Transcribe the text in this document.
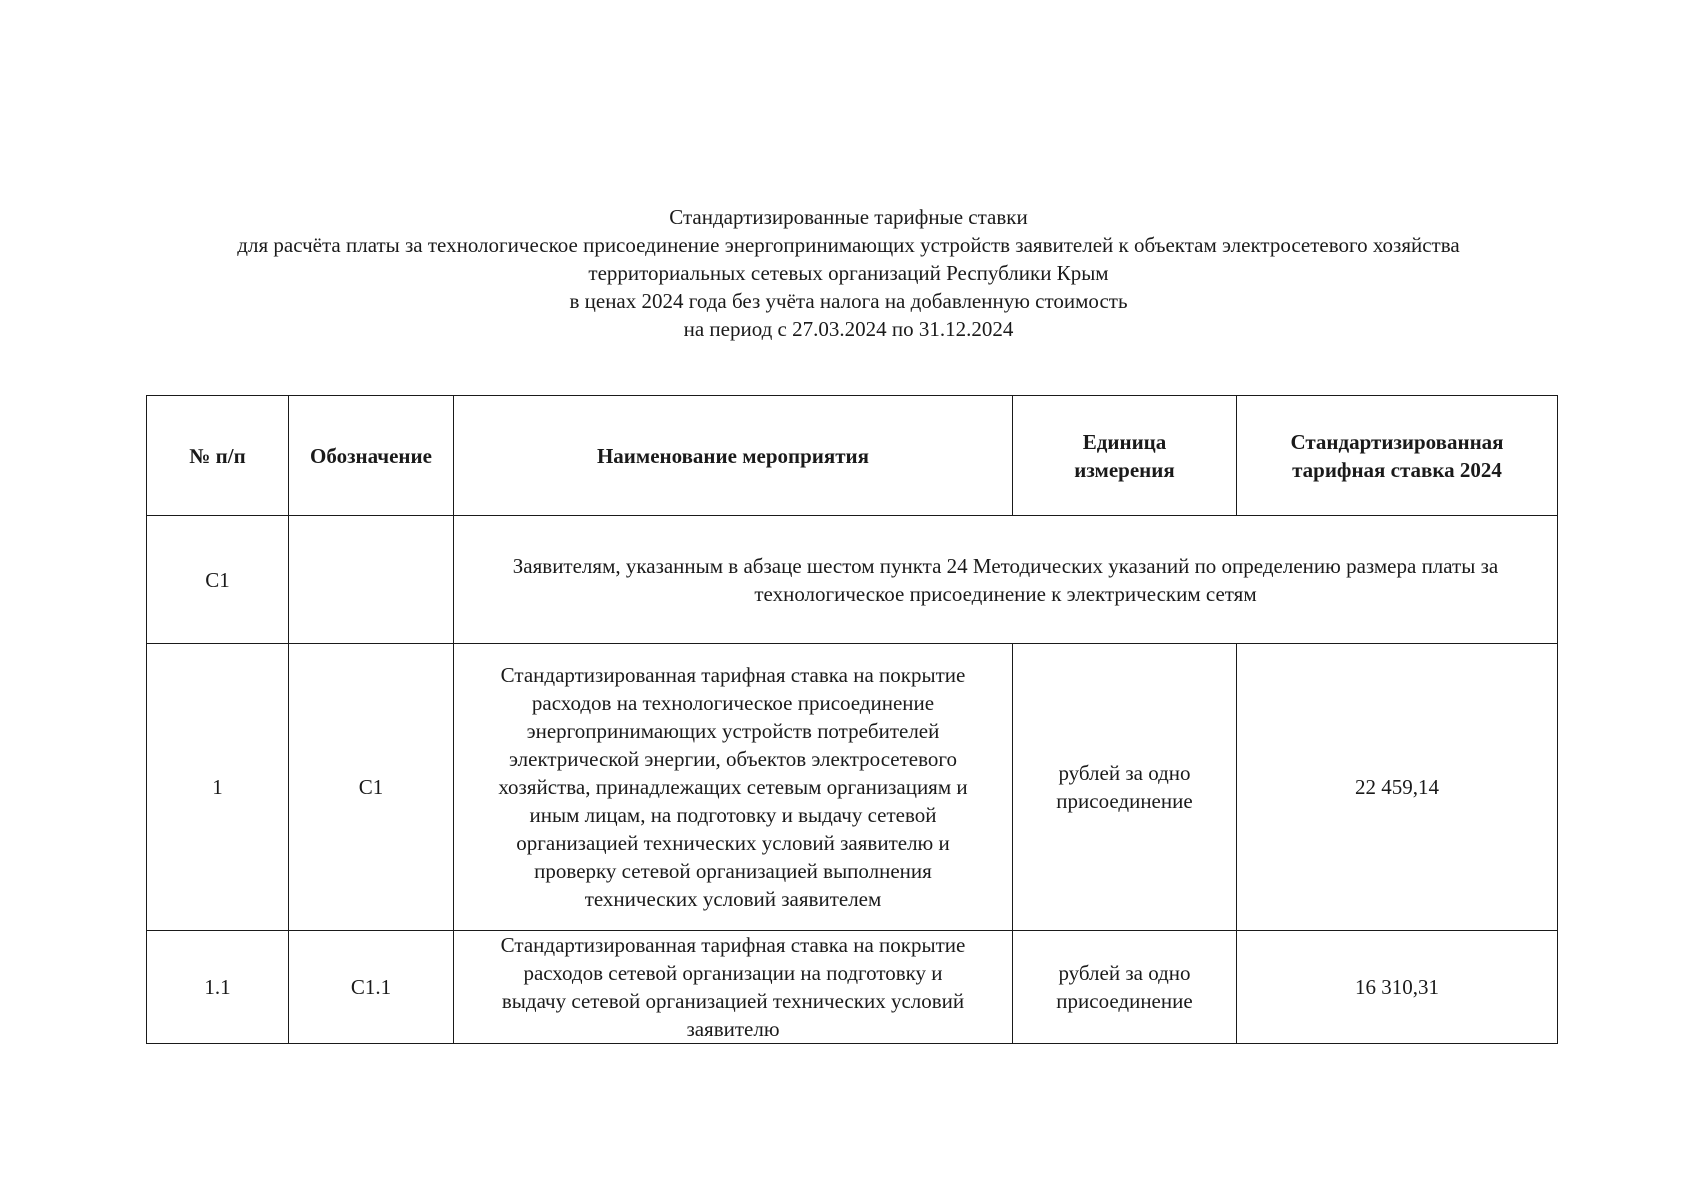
Стандартизированные тарифные ставки
для расчёта платы за технологическое присоединение энергопринимающих устройств заявителей к объектам электросетевого хозяйства
территориальных сетевых организаций Республики Крым
в ценах 2024 года без учёта налога на добавленную стоимость
на период с 27.03.2024 по 31.12.2024
№ п/п	Обозначение	Наименование мероприятия	Единица измерения	Стандартизированная тарифная ставка 2024
С1		Заявителям, указанным в абзаце шестом пункта 24 Методических указаний по определению размера платы за технологическое присоединение к электрическим сетям		
1	С1	Стандартизированная тарифная ставка на покрытие расходов на технологическое присоединение энергопринимающих устройств потребителей электрической энергии, объектов электросетевого хозяйства, принадлежащих сетевым организациям и иным лицам, на подготовку и выдачу сетевой организацией технических условий заявителю и проверку сетевой организацией выполнения технических условий заявителем	рублей за одно присоединение	22 459,14
1.1	С1.1	Стандартизированная тарифная ставка на покрытие расходов сетевой организации на подготовку и выдачу сетевой организацией технических условий заявителю	рублей за одно присоединение	16 310,31
